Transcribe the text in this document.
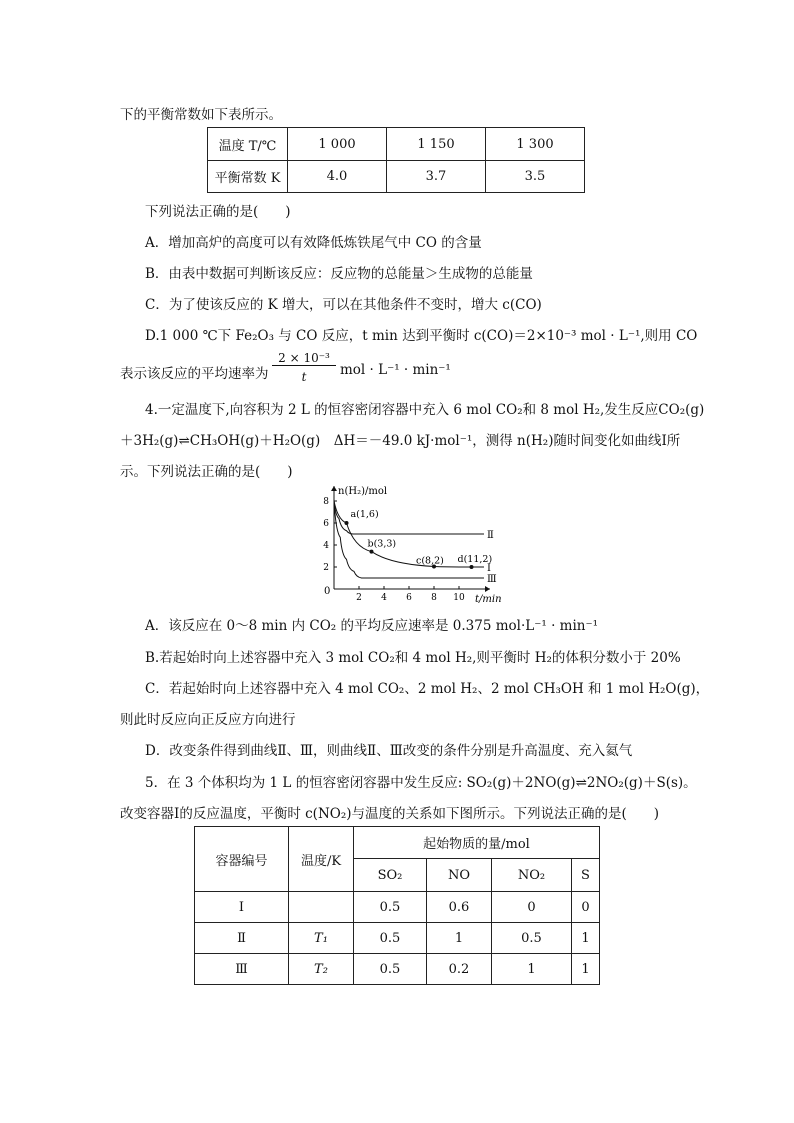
下的平衡常数如下表所示。
温度 T/℃	1 000	1 150	1 300
平衡常数 K	4.0	3.7	3.5
下列说法正确的是(　　)
A．增加高炉的高度可以有效降低炼铁尾气中 CO 的含量
B．由表中数据可判断该反应：反应物的总能量＞生成物的总能量
C．为了使该反应的 K 增大，可以在其他条件不变时，增大 c(CO)
D.1 000 ℃下 Fe₂O₃ 与 CO 反应，t min 达到平衡时 c(CO)＝2×10⁻³ mol · L⁻¹,则用 CO
表示该反应的平均速率为
2 × 10⁻³
t	mol · L⁻¹ · min⁻¹
4.一定温度下,向容积为 2 L 的恒容密闭容器中充入 6 mol CO₂和 8 mol H₂,发生反应CO₂(g)
＋3H₂(g)⇌CH₃OH(g)＋H₂O(g)　ΔH＝－49.0 kJ·mol⁻¹，测得 n(H₂)随时间变化如曲线Ⅰ所
示。下列说法正确的是(　　)
2 4 6 8 10
2
4
6
8
Ⅰ
Ⅱ
Ⅲ
a(1,6)
b(3,3)
c(8,2) d(11,2)
n(H₂)/mol
t/min
0
A．该反应在 0～8 min 内 CO₂ 的平均反应速率是 0.375 mol·L⁻¹ · min⁻¹
B.若起始时向上述容器中充入 3 mol CO₂和 4 mol H₂,则平衡时 H₂的体积分数小于 20%
C．若起始时向上述容器中充入 4 mol CO₂、2 mol H₂、2 mol CH₃OH 和 1 mol H₂O(g)，
则此时反应向正反应方向进行
D．改变条件得到曲线Ⅱ、Ⅲ，则曲线Ⅱ、Ⅲ改变的条件分别是升高温度、充入氦气
5．在 3 个体积均为 1 L 的恒容密闭容器中发生反应: SO₂(g)＋2NO(g)⇌2NO₂(g)＋S(s)。
改变容器Ⅰ的反应温度，平衡时 c(NO₂)与温度的关系如下图所示。下列说法正确的是(　　)
容器编号	温度/K	起始物质的量/mol			
		SO₂	NO	NO₂	S
Ⅰ		0.5	0.6	0	0
Ⅱ	T₁	0.5	1	0.5	1
Ⅲ	T₂	0.5	0.2	1	1
